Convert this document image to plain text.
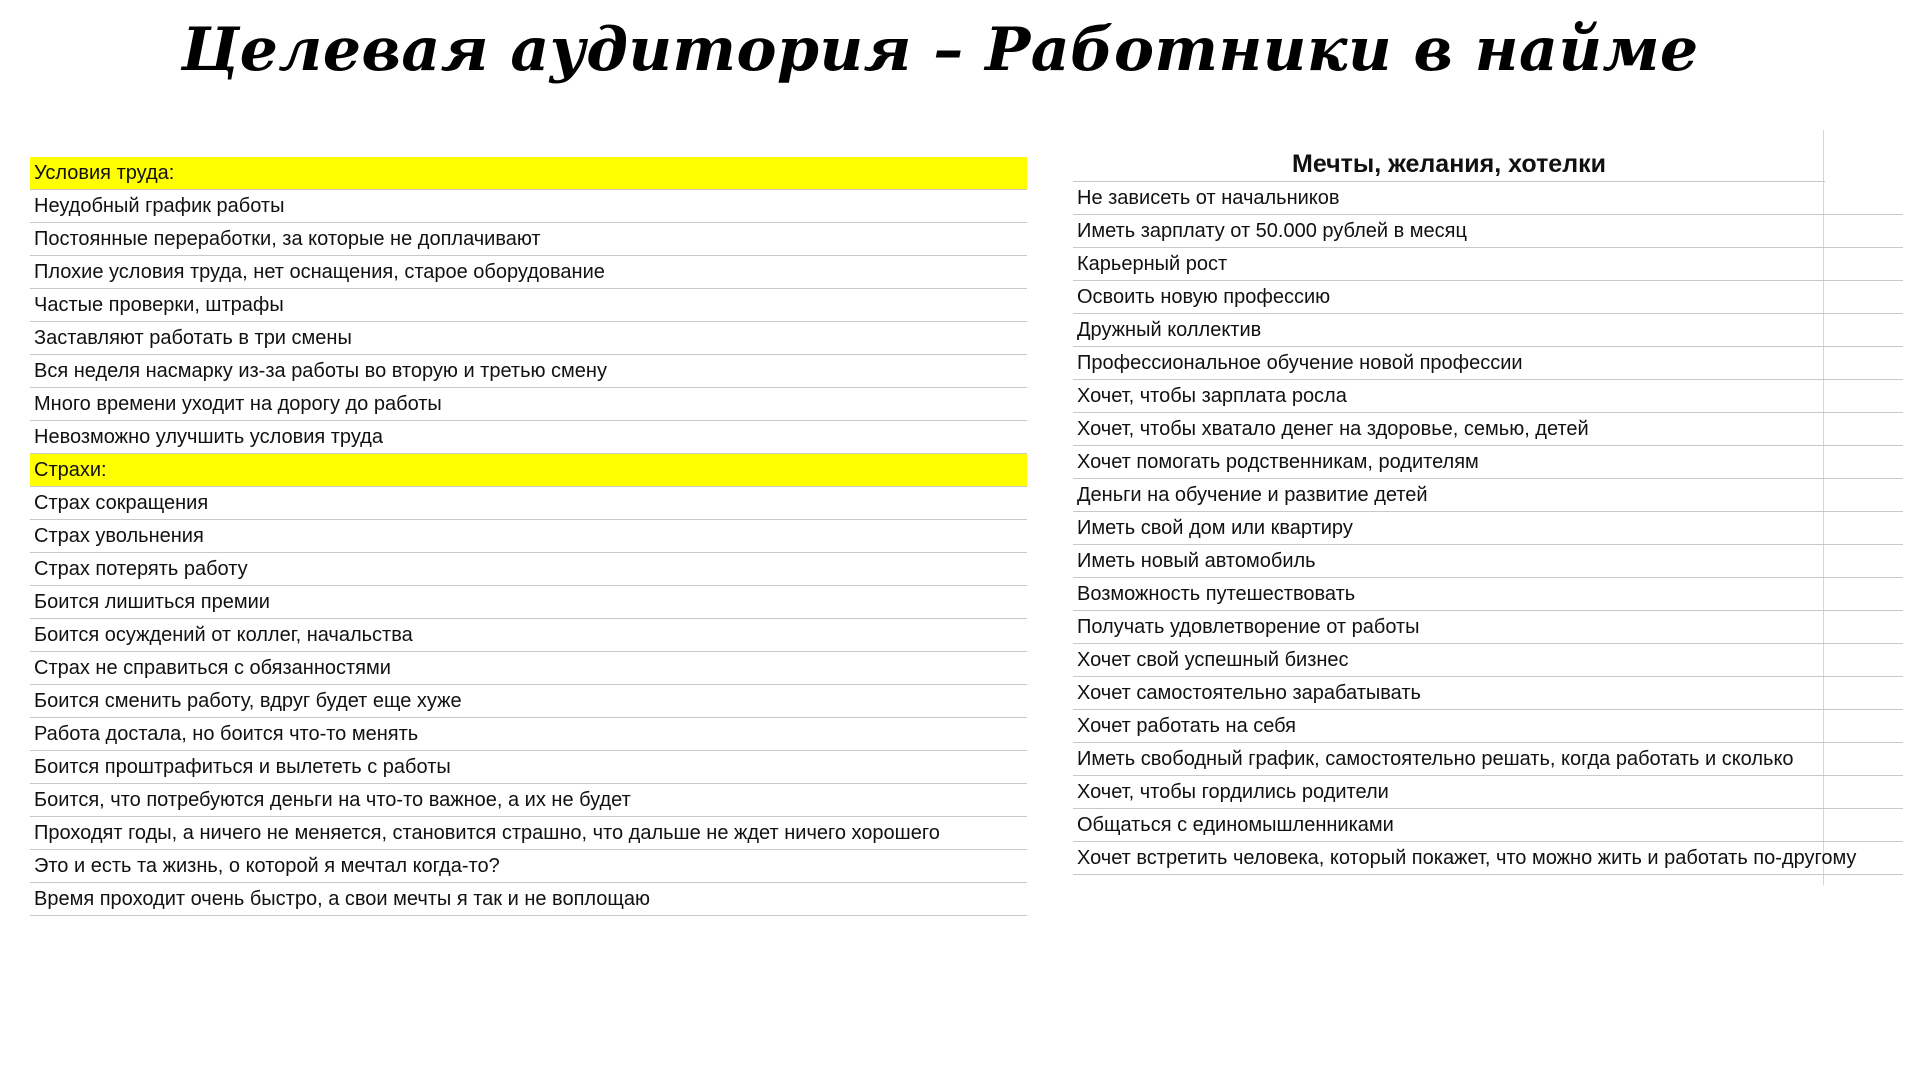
Целевая аудитория – Работники в найме
Условия труда:
Неудобный график работы
Постоянные переработки, за которые не доплачивают
Плохие условия труда, нет оснащения, старое оборудование
Частые проверки, штрафы
Заставляют работать в три смены
Вся неделя насмарку из-за работы во вторую и третью смену
Много времени уходит на дорогу до работы
Невозможно улучшить условия труда
Страхи:
Страх сокращения
Страх увольнения
Страх потерять работу
Боится лишиться премии
Боится осуждений от коллег, начальства
Страх не справиться с обязанностями
Боится сменить работу, вдруг будет еще хуже
Работа достала, но боится что-то менять
Боится проштрафиться и вылететь с работы
Боится, что потребуются деньги на что-то важное, а их не будет
Проходят годы, а ничего не меняется, становится страшно, что дальше не ждет ничего хорошего
Это и есть та жизнь, о которой я мечтал когда-то?
Время проходит очень быстро, а свои мечты я так и не воплощаю
Мечты, желания, хотелки
Не зависеть от начальников
Иметь зарплату от 50.000 рублей в месяц
Карьерный рост
Освоить новую профессию
Дружный коллектив
Профессиональное обучение новой профессии
Хочет, чтобы зарплата росла
Хочет, чтобы хватало денег на здоровье, семью, детей
Хочет помогать родственникам, родителям
Деньги на обучение и развитие детей
Иметь свой дом или квартиру
Иметь новый автомобиль
Возможность путешествовать
Получать удовлетворение от работы
Хочет свой успешный бизнес
Хочет самостоятельно зарабатывать
Хочет работать на себя
Иметь свободный график, самостоятельно решать, когда работать и сколько
Хочет, чтобы гордились родители
Общаться с единомышленниками
Хочет встретить человека, который покажет, что можно жить и работать по-другому
